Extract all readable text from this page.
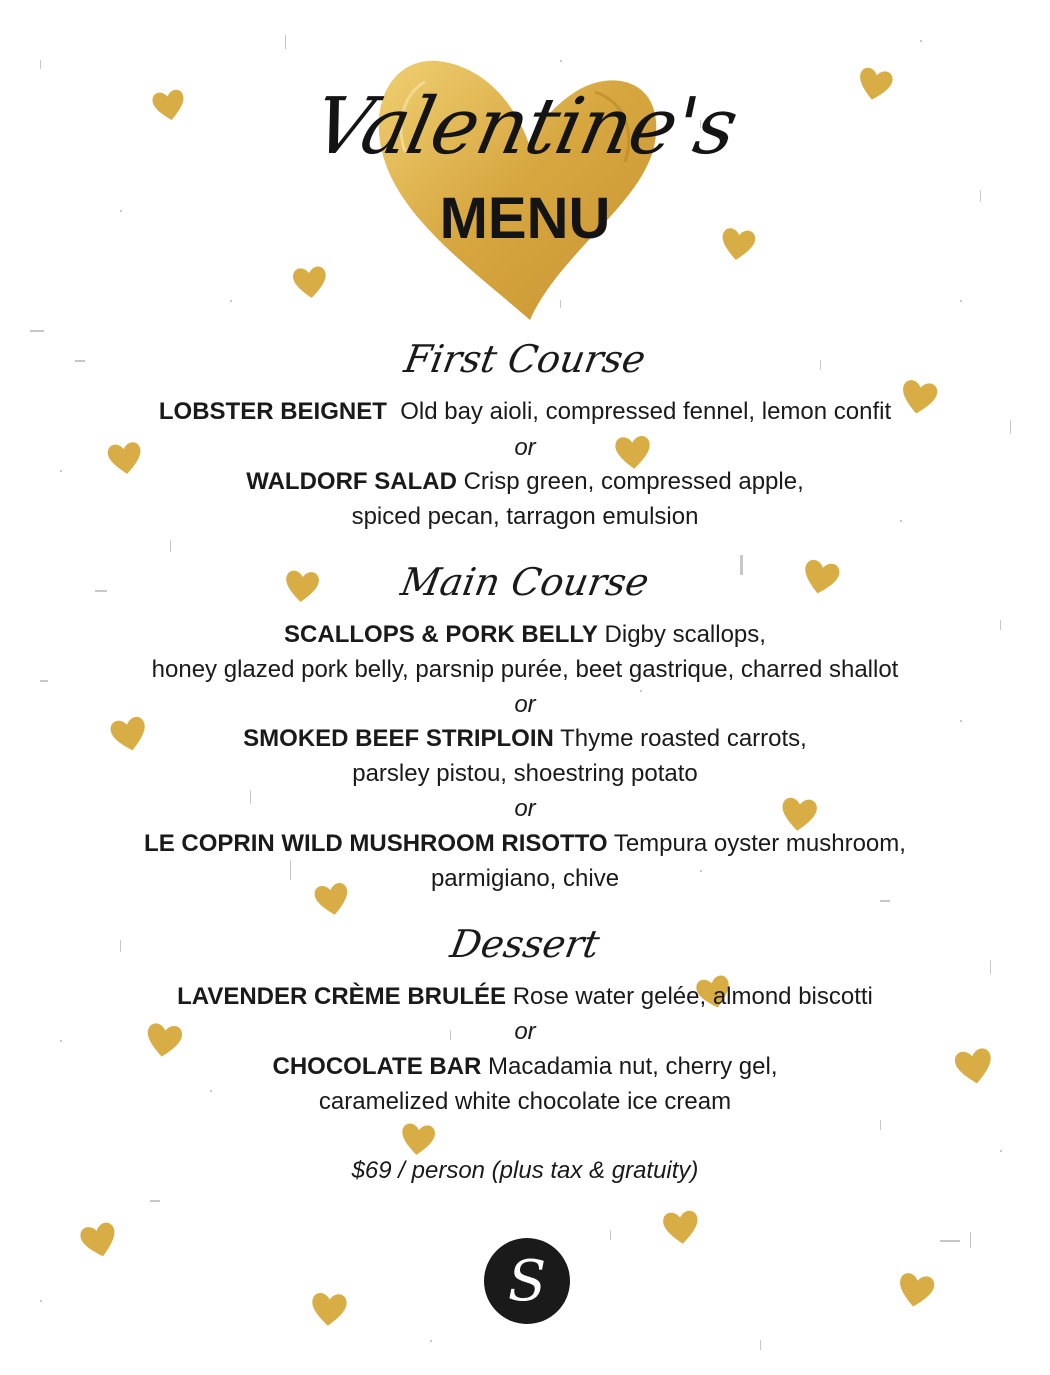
Valentine's
MENU
First Course
LOBSTER BEIGNET Old bay aioli, compressed fennel, lemon confit
or
WALDORF SALAD Crisp green, compressed apple,
spiced pecan, tarragon emulsion
Main Course
SCALLOPS & PORK BELLY Digby scallops,
honey glazed pork belly, parsnip purée, beet gastrique, charred shallot
or
SMOKED BEEF STRIPLOIN Thyme roasted carrots,
parsley pistou, shoestring potato
or
LE COPRIN WILD MUSHROOM RISOTTO Tempura oyster mushroom,
parmigiano, chive
Dessert
LAVENDER CRÈME BRULÉE Rose water gelée, almond biscotti
or
CHOCOLATE BAR Macadamia nut, cherry gel,
caramelized white chocolate ice cream
$69 / person (plus tax & gratuity)
S
